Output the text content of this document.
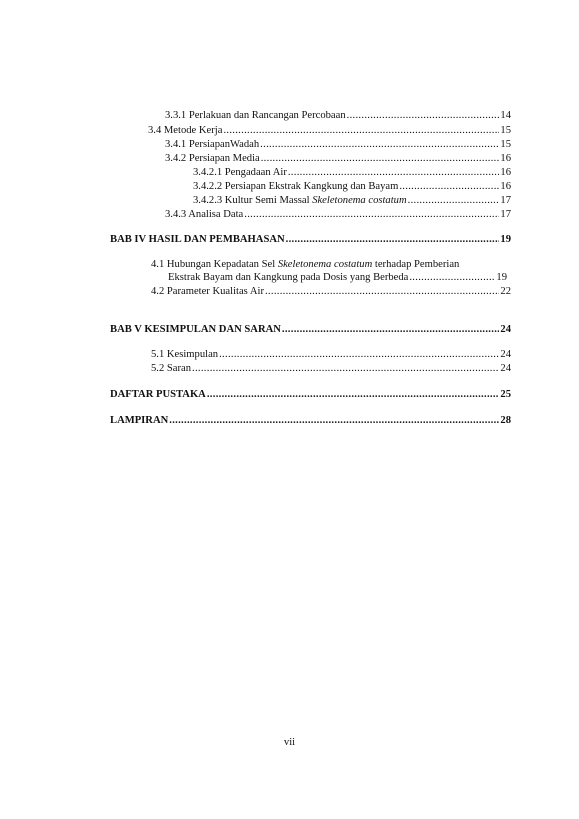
3.3.1 Perlakuan dan Rancangan Percobaan .....	14
3.4 Metode Kerja .....	15
3.4.1 PersiapanWadah .....	15
3.4.2 Persiapan Media .....	16
3.4.2.1 Pengadaan Air .....	16
3.4.2.2 Persiapan Ekstrak Kangkung dan Bayam .....	16
3.4.2.3 Kultur Semi Massal Skeletonema costatum .....	17
3.4.3 Analisa Data .....	17
BAB IV HASIL DAN PEMBAHASAN .....	19
4.1 Hubungan Kepadatan Sel Skeletonema costatum terhadap Pemberian
Ekstrak Bayam dan Kangkung pada Dosis yang Berbeda .....	19
4.2 Parameter Kualitas Air .....	22
BAB V KESIMPULAN DAN SARAN .....	24
5.1 Kesimpulan .....	24
5.2 Saran .....	24
DAFTAR PUSTAKA .....	25
LAMPIRAN .....	28
vii
